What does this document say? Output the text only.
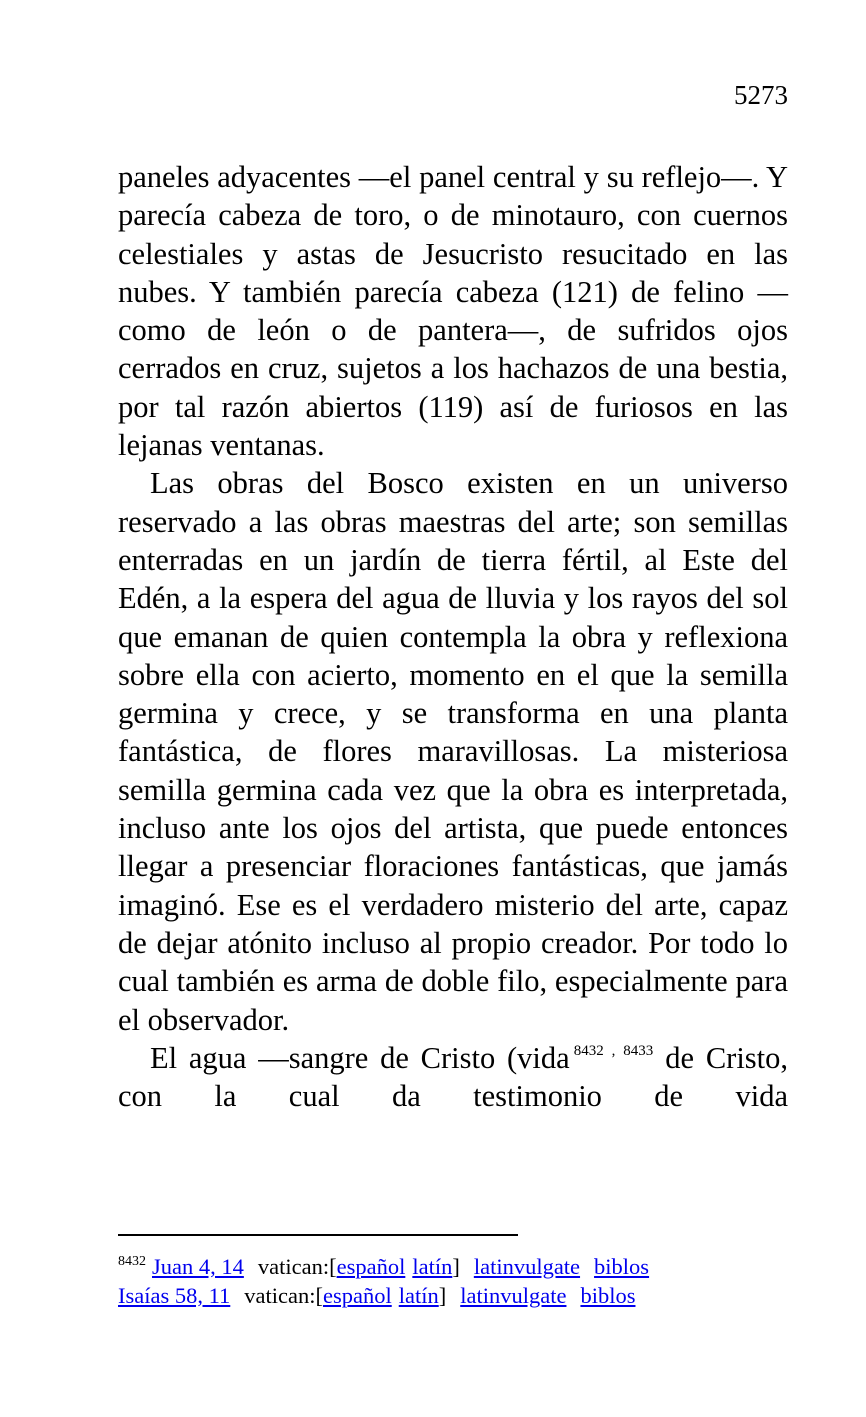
5273

paneles adyacentes —el panel central y su reflejo—. Y parecía cabeza de toro, o de minotauro, con cuernos celestiales y astas de Jesucristo resucitado en las nubes. Y también parecía cabeza (121) de felino —como de león o de pantera—, de sufridos ojos cerrados en cruz, sujetos a los hachazos de una bestia, por tal razón abiertos (119) así de furiosos en las lejanas ventanas.

Las obras del Bosco existen en un universo reservado a las obras maestras del arte; son semillas enterradas en un jardín de tierra fértil, al Este del Edén, a la espera del agua de lluvia y los rayos del sol que emanan de quien contempla la obra y reflexiona sobre ella con acierto, momento en el que la semilla germina y crece, y se transforma en una planta fantástica, de flores maravillosas. La misteriosa semilla germina cada vez que la obra es interpretada, incluso ante los ojos del artista, que puede entonces llegar a presenciar floraciones fantásticas, que jamás imaginó. Ese es el verdadero misterio del arte, capaz de dejar atónito incluso al propio creador. Por todo lo cual también es arma de doble filo, especialmente para el observador.

El agua —sangre de Cristo (vida $^{8432 , 8433}$ de Cristo, con la cual da testimonio de vida

$^{8432}$ Juan 4, 14 vatican:[español latín] latinvulgate biblos
Isaías 58, 11 vatican:[español latín] latinvulgate biblos
